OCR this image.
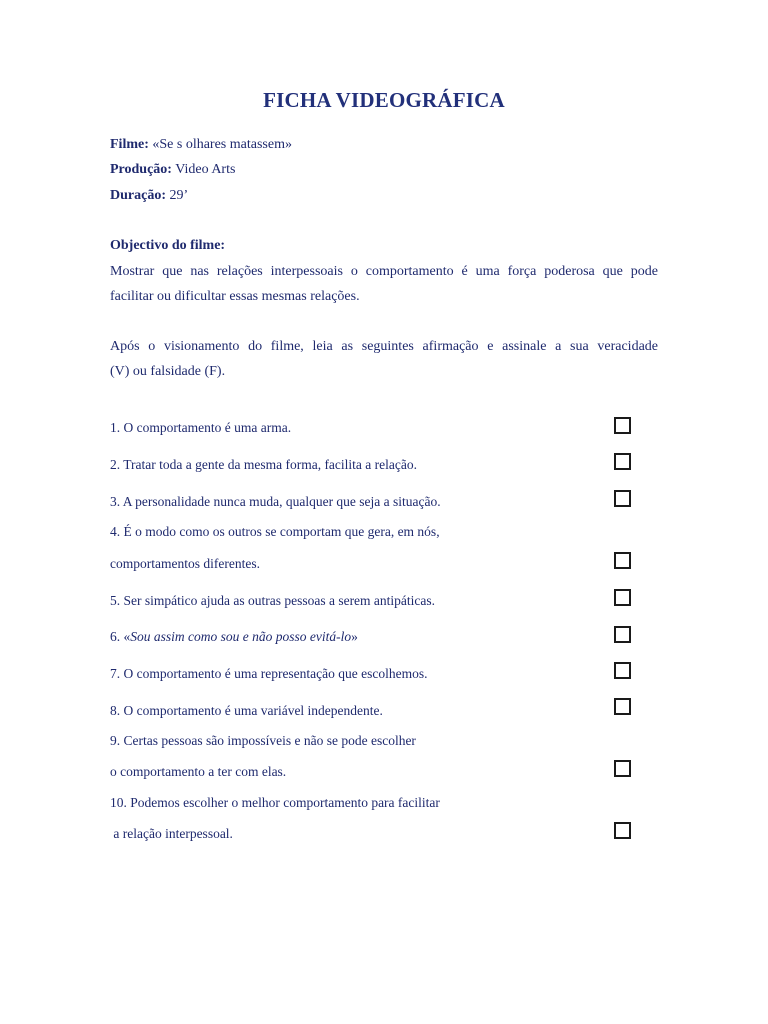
FICHA VIDEOGRÁFICA
Filme: «Se s olhares matassem»
Produção: Video Arts
Duração: 29’
Objectivo do filme:
Mostrar que nas relações interpessoais o comportamento é uma força poderosa que pode
facilitar ou dificultar essas mesmas relações.
Após o visionamento do filme, leia as seguintes afirmação e assinale a sua veracidade
(V) ou falsidade (F).
1. O comportamento é uma arma.
2. Tratar toda a gente da mesma forma, facilita a relação.
3. A personalidade nunca muda, qualquer que seja a situação.
4. É o modo como os outros se comportam que gera, em nós,
comportamentos diferentes.
5. Ser simpático ajuda as outras pessoas a serem antipáticas.
6. «Sou assim como sou e não posso evitá-lo»
7. O comportamento é uma representação que escolhemos.
8. O comportamento é uma variável independente.
9. Certas pessoas são impossíveis e não se pode escolher
o comportamento a ter com elas.
10. Podemos escolher o melhor comportamento para facilitar
a relação interpessoal.
